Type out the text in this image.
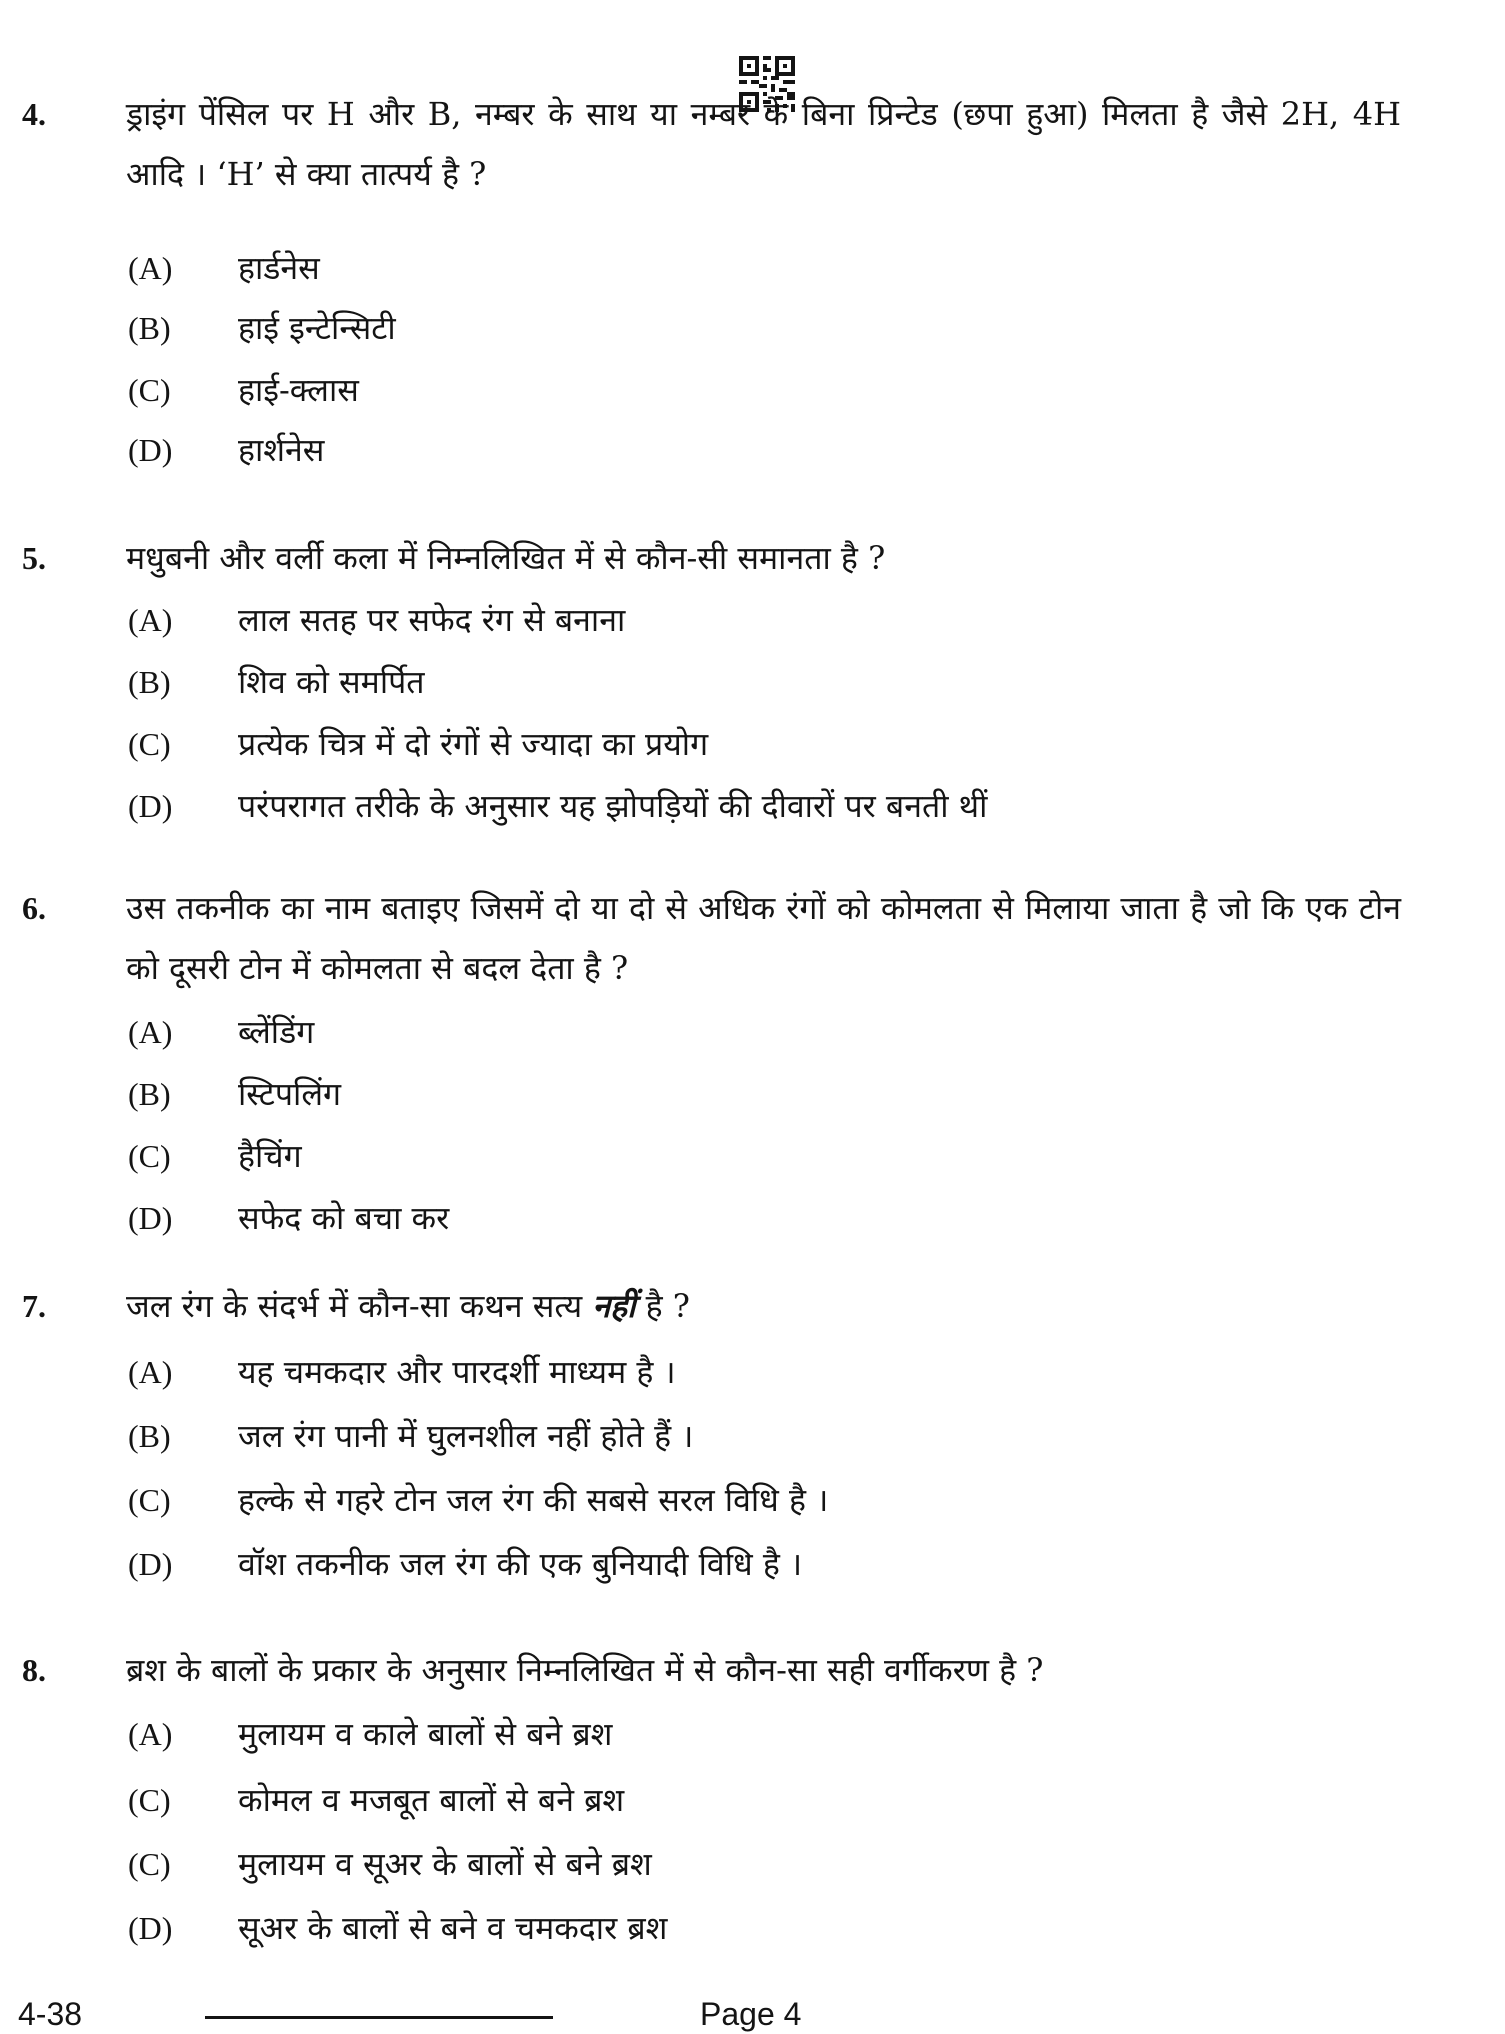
4.	ड्राइंग पेंसिल पर H और B, नम्बर के साथ या नम्बर के बिना प्रिन्टेड (छपा हुआ) मिलता है जैसे 2H, 4H आदि । ‘H’ से क्या तात्पर्य है ?
(A) हार्डनेस
(B) हाई इन्टेन्सिटी
(C) हाई-क्लास
(D) हार्शनेस
5.	मधुबनी और वर्ली कला में निम्नलिखित में से कौन-सी समानता है ?
(A) लाल सतह पर सफेद रंग से बनाना
(B) शिव को समर्पित
(C) प्रत्येक चित्र में दो रंगों से ज्यादा का प्रयोग
(D) परंपरागत तरीके के अनुसार यह झोपड़ियों की दीवारों पर बनती थीं
6.	उस तकनीक का नाम बताइए जिसमें दो या दो से अधिक रंगों को कोमलता से मिलाया जाता है जो कि एक टोन को दूसरी टोन में कोमलता से बदल देता है ?
(A) ब्लेंडिंग
(B) स्टिपलिंग
(C) हैचिंग
(D) सफेद को बचा कर
7.	जल रंग के संदर्भ में कौन-सा कथन सत्य नहीं है ?
(A) यह चमकदार और पारदर्शी माध्यम है ।
(B) जल रंग पानी में घुलनशील नहीं होते हैं ।
(C) हल्के से गहरे टोन जल रंग की सबसे सरल विधि है ।
(D) वॉश तकनीक जल रंग की एक बुनियादी विधि है ।
8.	ब्रश के बालों के प्रकार के अनुसार निम्नलिखित में से कौन-सा सही वर्गीकरण है ?
(A) मुलायम व काले बालों से बने ब्रश
(C) कोमल व मजबूत बालों से बने ब्रश
(C) मुलायम व सूअर के बालों से बने ब्रश
(D) सूअर के बालों से बने व चमकदार ब्रश
4-38	Page 4
